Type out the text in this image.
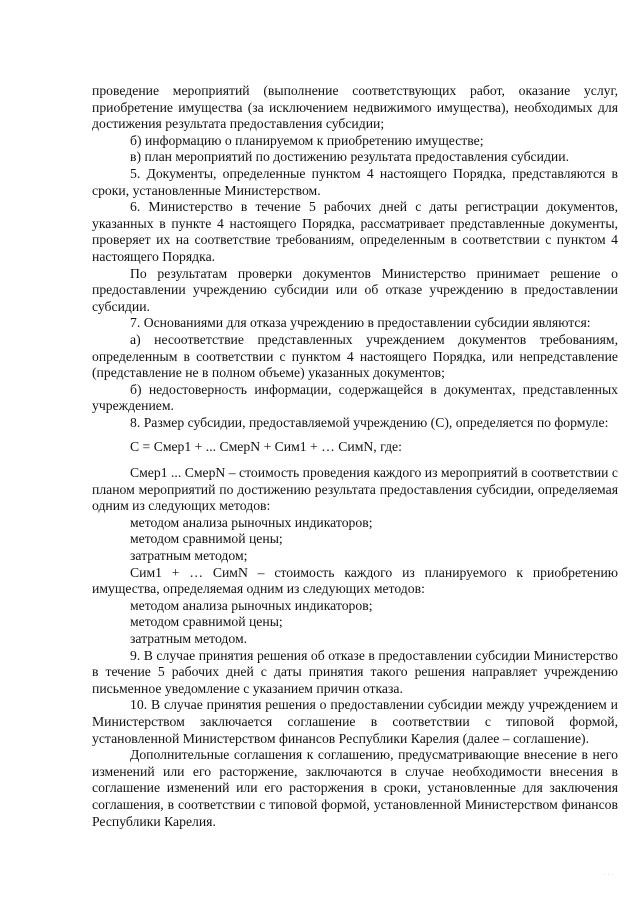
проведение мероприятий (выполнение соответствующих работ, оказание услуг, приобретение имущества (за исключением недвижимого имущества), необходимых для достижения результата предоставления субсидии;

б) информацию о планируемом к приобретению имуществе;

в) план мероприятий по достижению результата предоставления субсидии.

5. Документы, определенные пунктом 4 настоящего Порядка, представляются в сроки, установленные Министерством.

6. Министерство в течение 5 рабочих дней с даты регистрации документов, указанных в пункте 4 настоящего Порядка, рассматривает представленные документы, проверяет их на соответствие требованиям, определенным в соответствии с пунктом 4 настоящего Порядка.

По результатам проверки документов Министерство принимает решение о предоставлении учреждению субсидии или об отказе учреждению в предоставлении субсидии.

7. Основаниями для отказа учреждению в предоставлении субсидии являются:

а) несоответствие представленных учреждением документов требованиям, определенным в соответствии с пунктом 4 настоящего Порядка, или непредставление (представление не в полном объеме) указанных документов;

б) недостоверность информации, содержащейся в документах, представленных учреждением.

8. Размер субсидии, предоставляемой учреждению (С), определяется по формуле:

С = Смер1 + ... СмерN + Сим1 + … СимN, где:

Смер1 ... СмерN – стоимость проведения каждого из мероприятий в соответствии с планом мероприятий по достижению результата предоставления субсидии, определяемая одним из следующих методов:

методом анализа рыночных индикаторов;

методом сравнимой цены;

затратным методом;

Сим1 + … СимN – стоимость каждого из планируемого к приобретению имущества, определяемая одним из следующих методов:

методом анализа рыночных индикаторов;

методом сравнимой цены;

затратным методом.

9. В случае принятия решения об отказе в предоставлении субсидии Министерство в течение 5 рабочих дней с даты принятия такого решения направляет учреждению письменное уведомление с указанием причин отказа.

10. В случае принятия решения о предоставлении субсидии между учреждением и Министерством заключается соглашение в соответствии с типовой формой, установленной Министерством финансов Республики Карелия (далее – соглашение).

Дополнительные соглашения к соглашению, предусматривающие внесение в него изменений или его расторжение, заключаются в случае необходимости внесения в соглашение изменений или его расторжения в сроки, установленные для заключения соглашения, в соответствии с типовой формой, установленной Министерством финансов Республики Карелия.

· · ·
